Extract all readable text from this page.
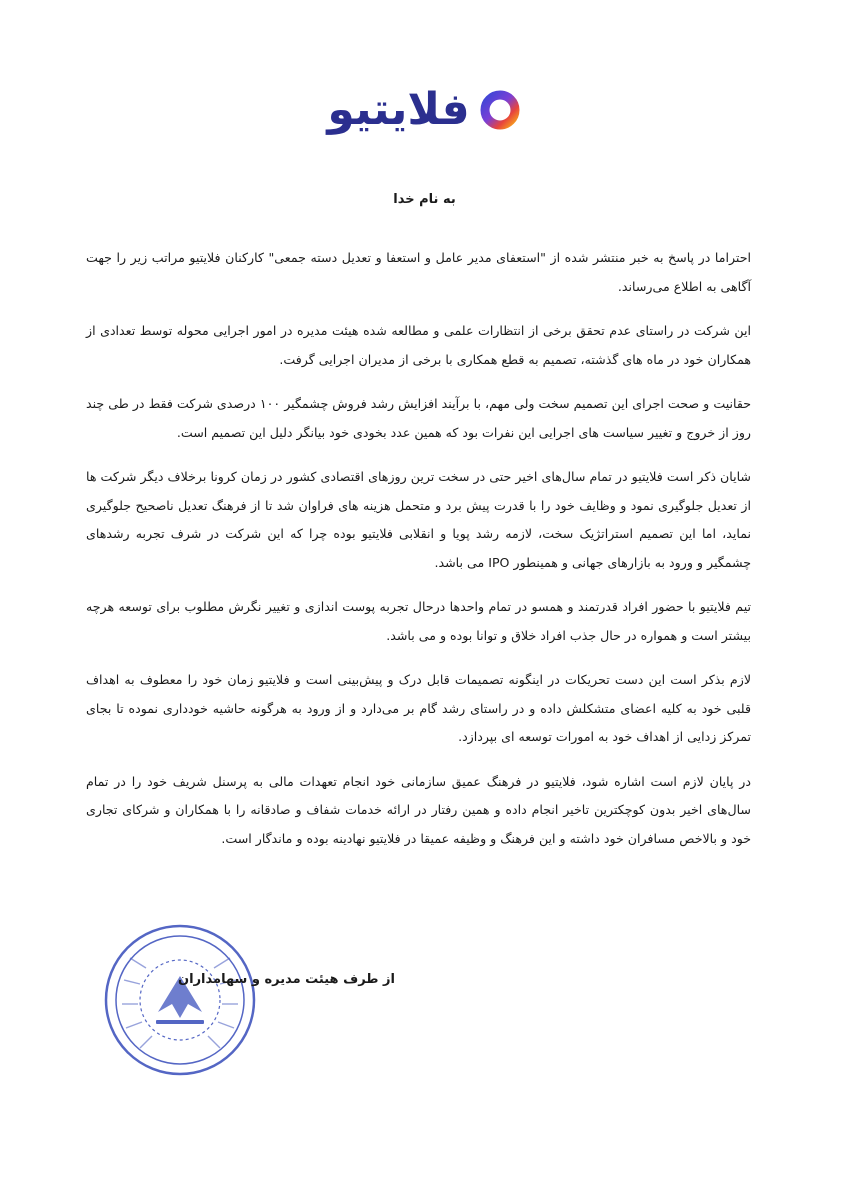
فلایتیو
به نام خدا

احتراما در پاسخ به خبر منتشر شده از "استعفای مدیر عامل و استعفا و تعدیل دسته جمعی" کارکنان فلایتیو مراتب زیر را جهت آگاهی به اطلاع می‌رساند.

این شرکت در راستای عدم تحقق برخی از انتظارات علمی و مطالعه شده هیئت مدیره در امور اجرایی محوله توسط تعدادی از همکاران خود در ماه های گذشته، تصمیم به قطع همکاری با برخی از مدیران اجرایی گرفت.

حقانیت و صحت اجرای این تصمیم سخت ولی مهم، با برآیند افزایش رشد فروش چشمگیر ۱۰۰ درصدی شرکت فقط در طی چند روز از خروج و تغییر سیاست های اجرایی این نفرات بود که همین عدد بخودی خود بیانگر دلیل این تصمیم است.

شایان ذکر است فلایتیو در تمام سال‌های اخیر حتی در سخت ترین روزهای اقتصادی کشور در زمان کرونا برخلاف دیگر شرکت ها از تعدیل جلوگیری نمود و وظایف خود را با قدرت پیش برد و متحمل هزینه های فراوان شد تا از فرهنگ تعدیل ناصحیح جلوگیری نماید، اما این تصمیم استراتژیک سخت، لازمه رشد پویا و انقلابی فلایتیو بوده چرا که این شرکت در شرف تجربه رشدهای چشمگیر و ورود به بازارهای جهانی و همینطور IPO می باشد.

تیم فلایتیو با حضور افراد قدرتمند و همسو در تمام واحدها درحال تجربه پوست اندازی و تغییر نگرش مطلوب برای توسعه هرچه بیشتر است و همواره در حال جذب افراد خلاق و توانا بوده و می باشد.

لازم بذکر است این دست تحریکات در اینگونه تصمیمات قابل درک و پیش‌بینی است و فلایتیو زمان خود را معطوف به اهداف قلبی خود به کلیه اعضای متشکلش داده و در راستای رشد گام بر می‌دارد و از ورود به هرگونه حاشیه خودداری نموده تا بجای تمرکز زدایی از اهداف خود به امورات توسعه ای بپردازد.

در پایان لازم است اشاره شود، فلایتیو در فرهنگ عمیق سازمانی خود انجام تعهدات مالی به پرسنل شریف خود را در تمام سال‌های اخیر بدون کوچکترین تاخیر انجام داده و همین رفتار در ارائه خدمات شفاف و صادقانه را با همکاران و شرکای تجاری خود و بالاخص مسافران خود داشته و این فرهنگ و وظیفه عمیقا در فلایتیو نهادینه بوده و ماندگار است.

از طرف هیئت مدیره و سهامداران
